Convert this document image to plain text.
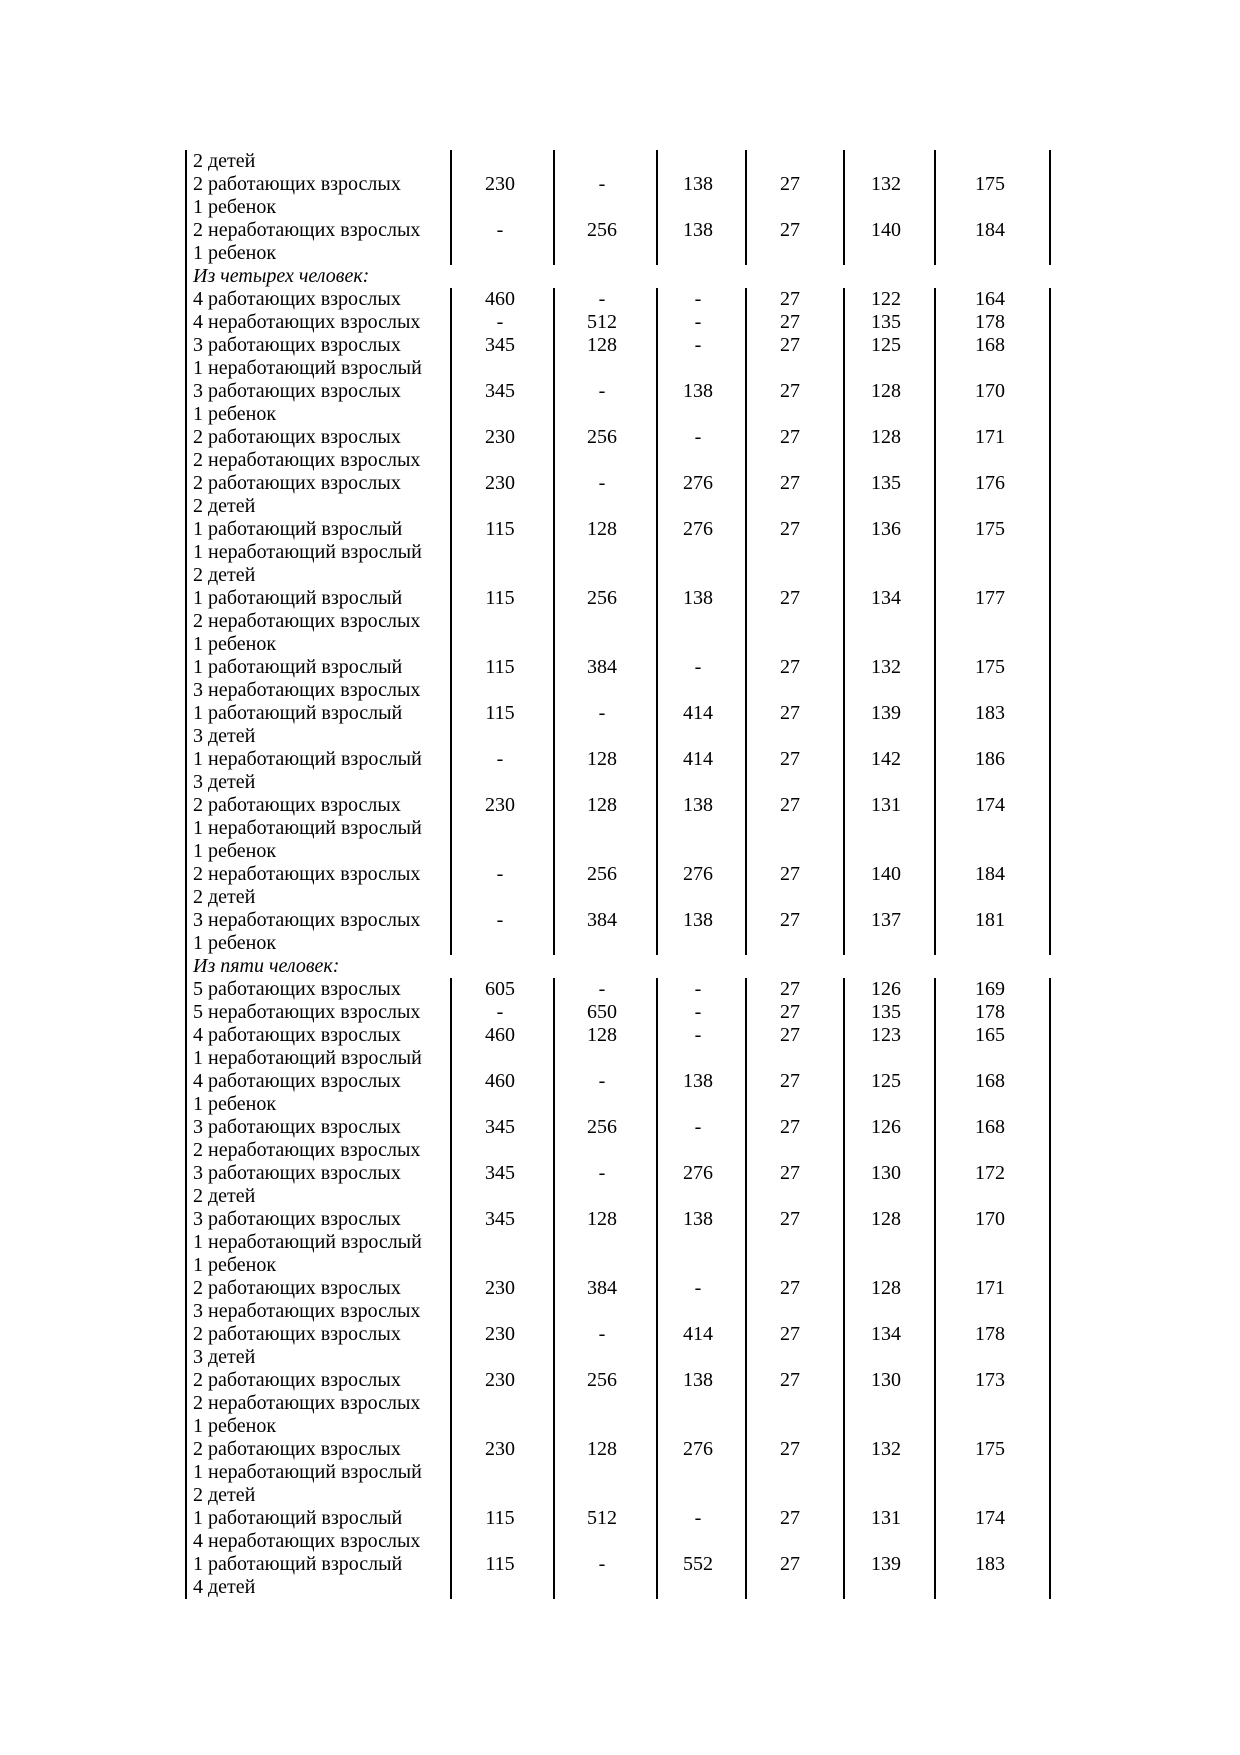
2 детей
2 работающих взрослых	230	-	138	27	132	175
1 ребенок
2 неработающих взрослых	-	256	138	27	140	184
1 ребенок
Из четырех человек:
4 работающих взрослых	460	-	-	27	122	164
4 неработающих взрослых	-	512	-	27	135	178
3 работающих взрослых	345	128	-	27	125	168
1 неработающий взрослый
3 работающих взрослых	345	-	138	27	128	170
1 ребенок
2 работающих взрослых	230	256	-	27	128	171
2 неработающих взрослых
2 работающих взрослых	230	-	276	27	135	176
2 детей
1 работающий взрослый	115	128	276	27	136	175
1 неработающий взрослый
2 детей
1 работающий взрослый	115	256	138	27	134	177
2 неработающих взрослых
1 ребенок
1 работающий взрослый	115	384	-	27	132	175
3 неработающих взрослых
1 работающий взрослый	115	-	414	27	139	183
3 детей
1 неработающий взрослый	-	128	414	27	142	186
3 детей
2 работающих взрослых	230	128	138	27	131	174
1 неработающий взрослый
1 ребенок
2 неработающих взрослых	-	256	276	27	140	184
2 детей
3 неработающих взрослых	-	384	138	27	137	181
1 ребенок
Из пяти человек:
5 работающих взрослых	605	-	-	27	126	169
5 неработающих взрослых	-	650	-	27	135	178
4 работающих взрослых	460	128	-	27	123	165
1 неработающий взрослый
4 работающих взрослых	460	-	138	27	125	168
1 ребенок
3 работающих взрослых	345	256	-	27	126	168
2 неработающих взрослых
3 работающих взрослых	345	-	276	27	130	172
2 детей
3 работающих взрослых	345	128	138	27	128	170
1 неработающий взрослый
1 ребенок
2 работающих взрослых	230	384	-	27	128	171
3 неработающих взрослых
2 работающих взрослых	230	-	414	27	134	178
3 детей
2 работающих взрослых	230	256	138	27	130	173
2 неработающих взрослых
1 ребенок
2 работающих взрослых	230	128	276	27	132	175
1 неработающий взрослый
2 детей
1 работающий взрослый	115	512	-	27	131	174
4 неработающих взрослых
1 работающий взрослый	115	-	552	27	139	183
4 детей
